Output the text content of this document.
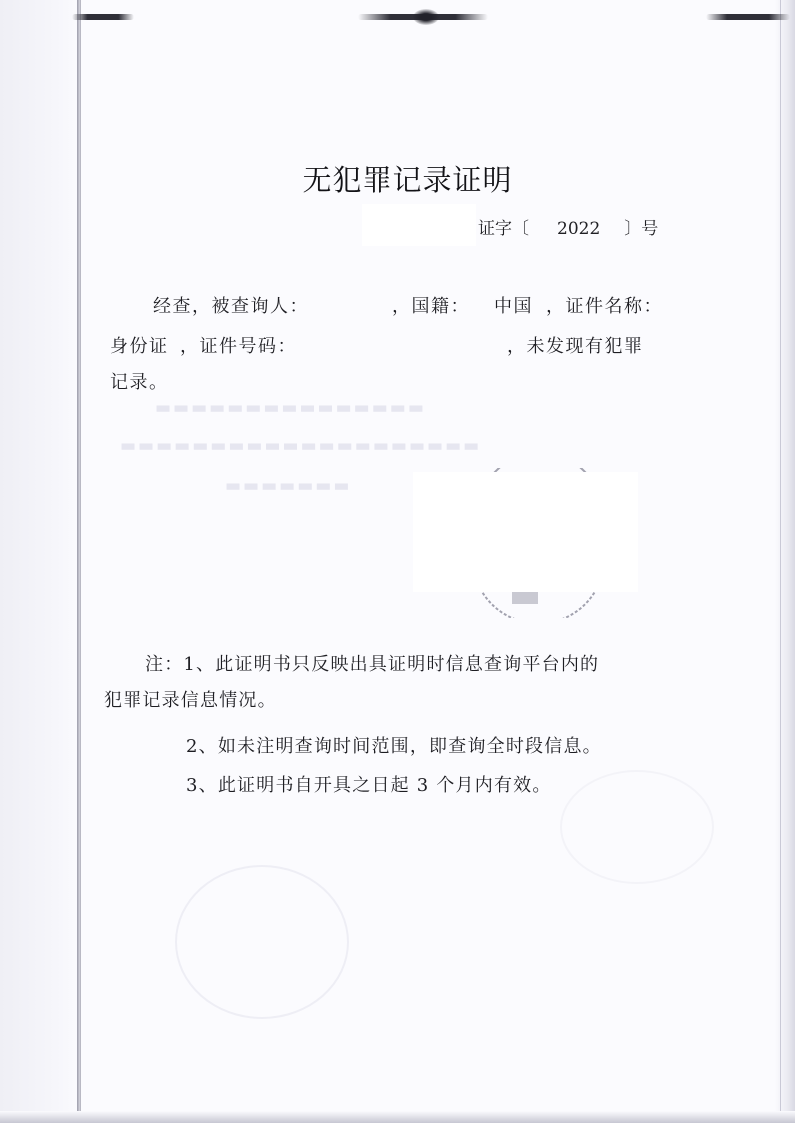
▬▬▬▬▬▬▬▬▬▬▬▬▬▬▬
▬▬▬▬▬▬▬▬▬▬▬▬▬▬▬▬▬▬▬▬
▬▬▬▬▬▬▬
无犯罪记录证明
证字〔 2022 〕号
经查，被查询人：	，国籍： 中国 ，证件名称：
身份证 ，证件号码：	，未发现有犯罪
记录。
注：1、此证明书只反映出具证明时信息查询平台内的
犯罪记录信息情况。
2、如未注明查询时间范围，即查询全时段信息。
3、此证明书自开具之日起 3 个月内有效。
